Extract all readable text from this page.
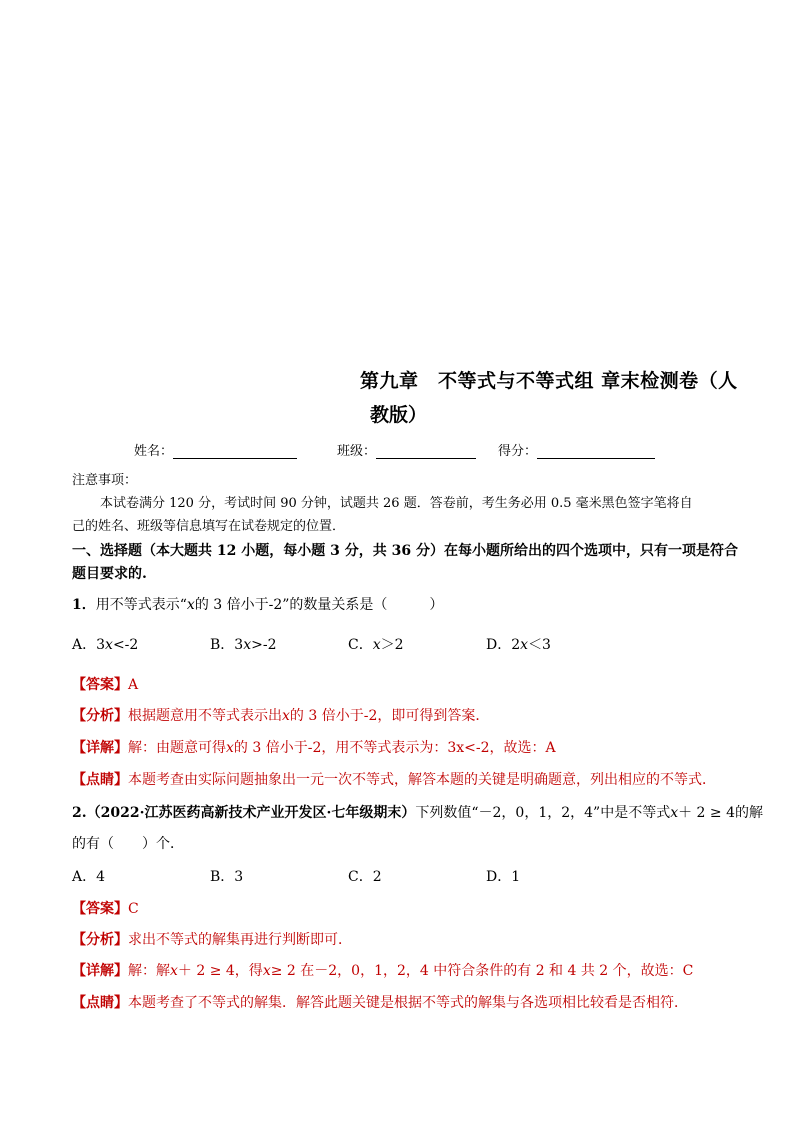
第九章　不等式与不等式组 章末检测卷（人
教版）
姓名：	班级：	得分：
注意事项：
本试卷满分 120 分，考试时间 90 分钟，试题共 26 题．答卷前，考生务必用 0.5 毫米黑色签字笔将自
己的姓名、班级等信息填写在试卷规定的位置．
一、选择题（本大题共 12 小题，每小题 3 分，共 36 分）在每小题所给出的四个选项中，只有一项是符合
题目要求的.
1．用不等式表示“x的 3 倍小于-2”的数量关系是（　　　）
A．3x<-2	B．3x>-2	C．x＞2	D．2x＜3
【答案】A
【分析】根据题意用不等式表示出x的 3 倍小于-2，即可得到答案．
【详解】解：由题意可得x的 3 倍小于-2，用不等式表示为：3x<-2，故选：A
【点睛】本题考查由实际问题抽象出一元一次不等式，解答本题的关键是明确题意，列出相应的不等式．
2.（2022·江苏医药高新技术产业开发区·七年级期末）下列数值“－2，0，1，2，4”中是不等式x＋ 2 ≥ 4的解
的有（　　）个．
A．4	B．3	C．2	D．1
【答案】C
【分析】求出不等式的解集再进行判断即可．
【详解】解：解x＋ 2 ≥ 4，得x≥ 2 在－2，0，1，2，4 中符合条件的有 2 和 4 共 2 个，故选：C
【点睛】本题考查了不等式的解集．解答此题关键是根据不等式的解集与各选项相比较看是否相符．
